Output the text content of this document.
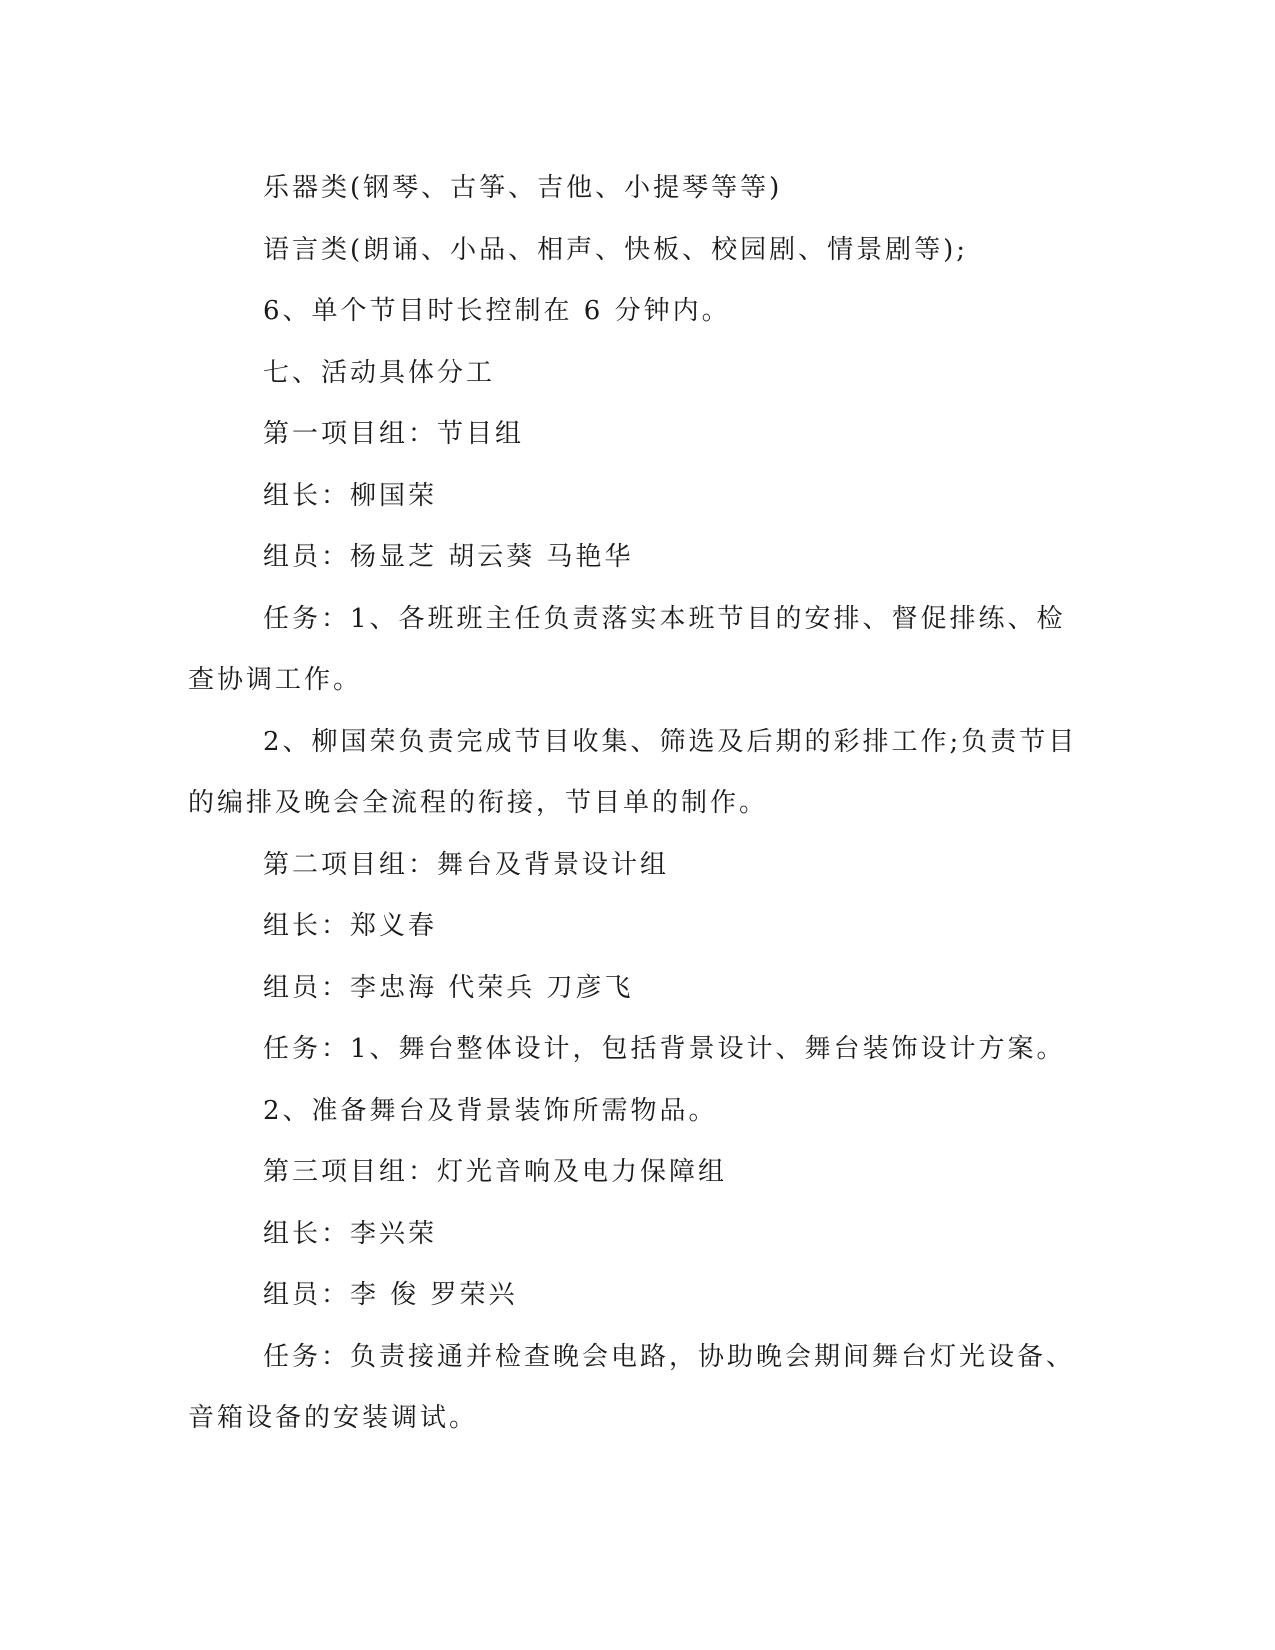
乐器类(钢琴、古筝、吉他、小提琴等等)
语言类(朗诵、小品、相声、快板、校园剧、情景剧等);
6、单个节目时长控制在 6 分钟内。
七、活动具体分工
第一项目组：节目组
组长：柳国荣
组员：杨显芝 胡云葵 马艳华
任务：1、各班班主任负责落实本班节目的安排、督促排练、检
查协调工作。
2、柳国荣负责完成节目收集、筛选及后期的彩排工作;负责节目
的编排及晚会全流程的衔接，节目单的制作。
第二项目组：舞台及背景设计组
组长：郑义春
组员：李忠海 代荣兵 刀彦飞
任务：1、舞台整体设计，包括背景设计、舞台装饰设计方案。
2、准备舞台及背景装饰所需物品。
第三项目组：灯光音响及电力保障组
组长：李兴荣
组员：李 俊 罗荣兴
任务：负责接通并检查晚会电路，协助晚会期间舞台灯光设备、
音箱设备的安装调试。
